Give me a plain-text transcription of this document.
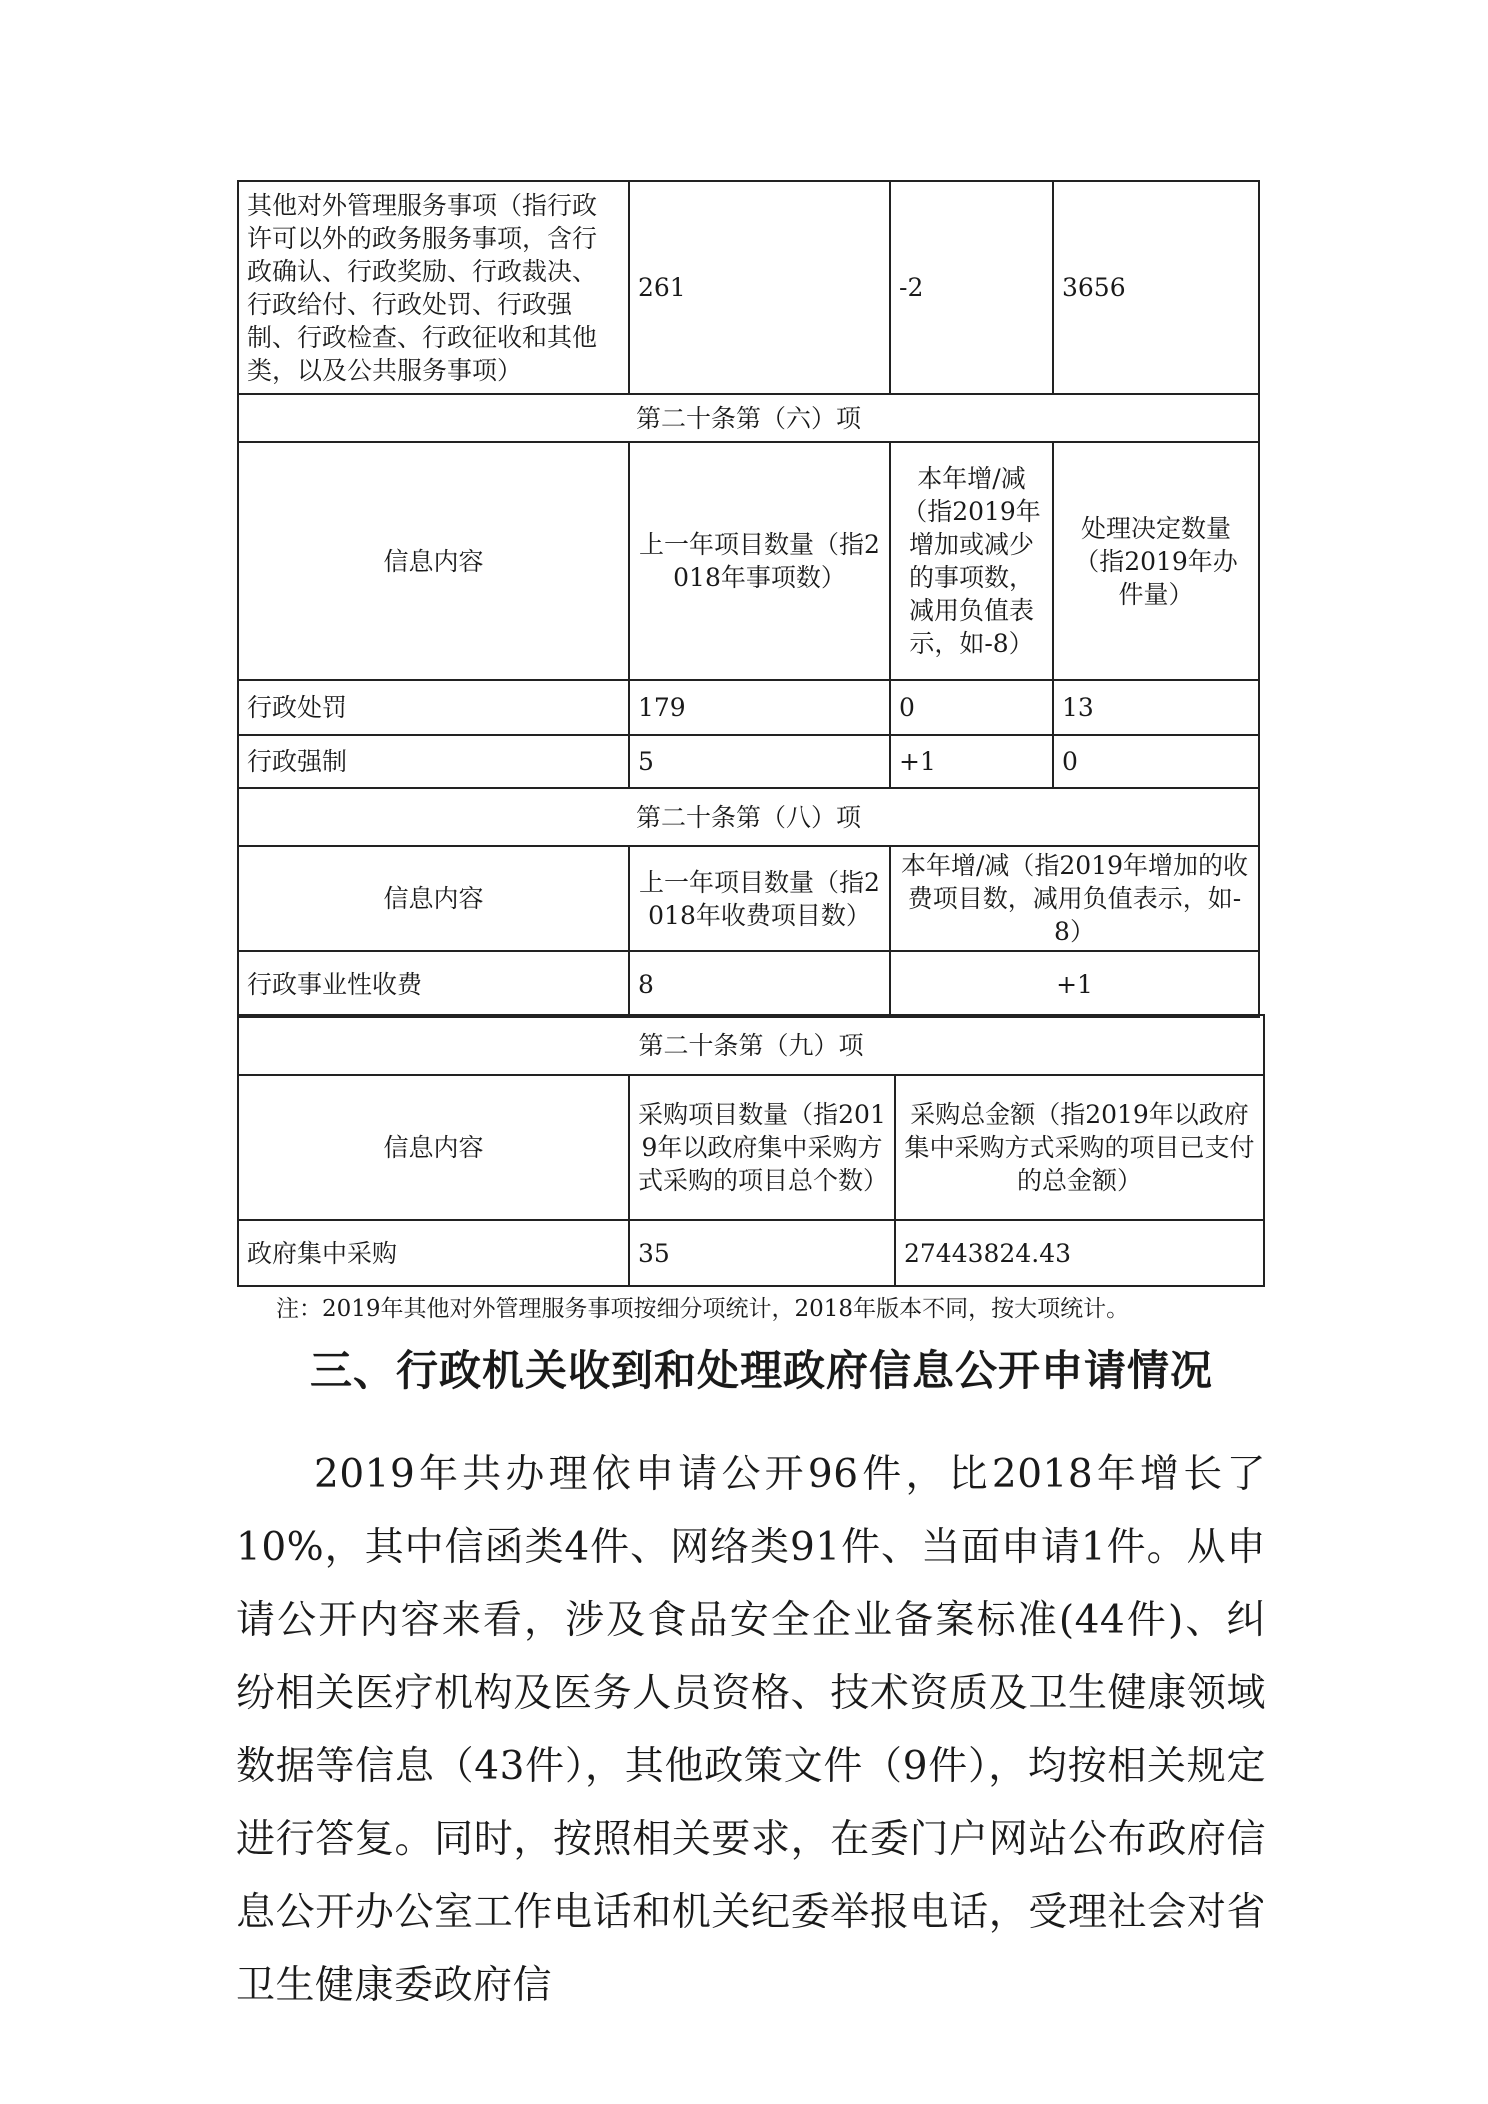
其他对外管理服务事项（指行政许可以外的政务服务事项，含行政确认、行政奖励、行政裁决、行政给付、行政处罚、行政强制、行政检查、行政征收和其他类，以及公共服务事项）	261	-2	3656
第二十条第（六）项			
信息内容	上一年项目数量（指2018年事项数）	本年增/减（指2019年增加或减少的事项数，减用负值表示，如-8）	处理决定数量（指2019年办件量）
行政处罚	179	0	13
行政强制	5	+1	0
第二十条第（八）项			
信息内容	上一年项目数量（指2018年收费项目数）	本年增/减（指2019年增加的收费项目数，减用负值表示，如-8）	
行政事业性收费	8	+1	
第二十条第（九）项		
信息内容	采购项目数量（指2019年以政府集中采购方式采购的项目总个数）	采购总金额（指2019年以政府集中采购方式采购的项目已支付的总金额）
政府集中采购	35	27443824.43
注：2019年其他对外管理服务事项按细分项统计，2018年版本不同，按大项统计。
三、行政机关收到和处理政府信息公开申请情况
2019年共办理依申请公开96件，比2018年增长了10%，其中信函类4件、网络类91件、当面申请1件。从申请公开内容来看，涉及食品安全企业备案标准(44件)、纠纷相关医疗机构及医务人员资格、技术资质及卫生健康领域数据等信息（43件），其他政策文件（9件），均按相关规定进行答复。同时，按照相关要求，在委门户网站公布政府信息公开办公室工作电话和机关纪委举报电话，受理社会对省卫生健康委政府信
